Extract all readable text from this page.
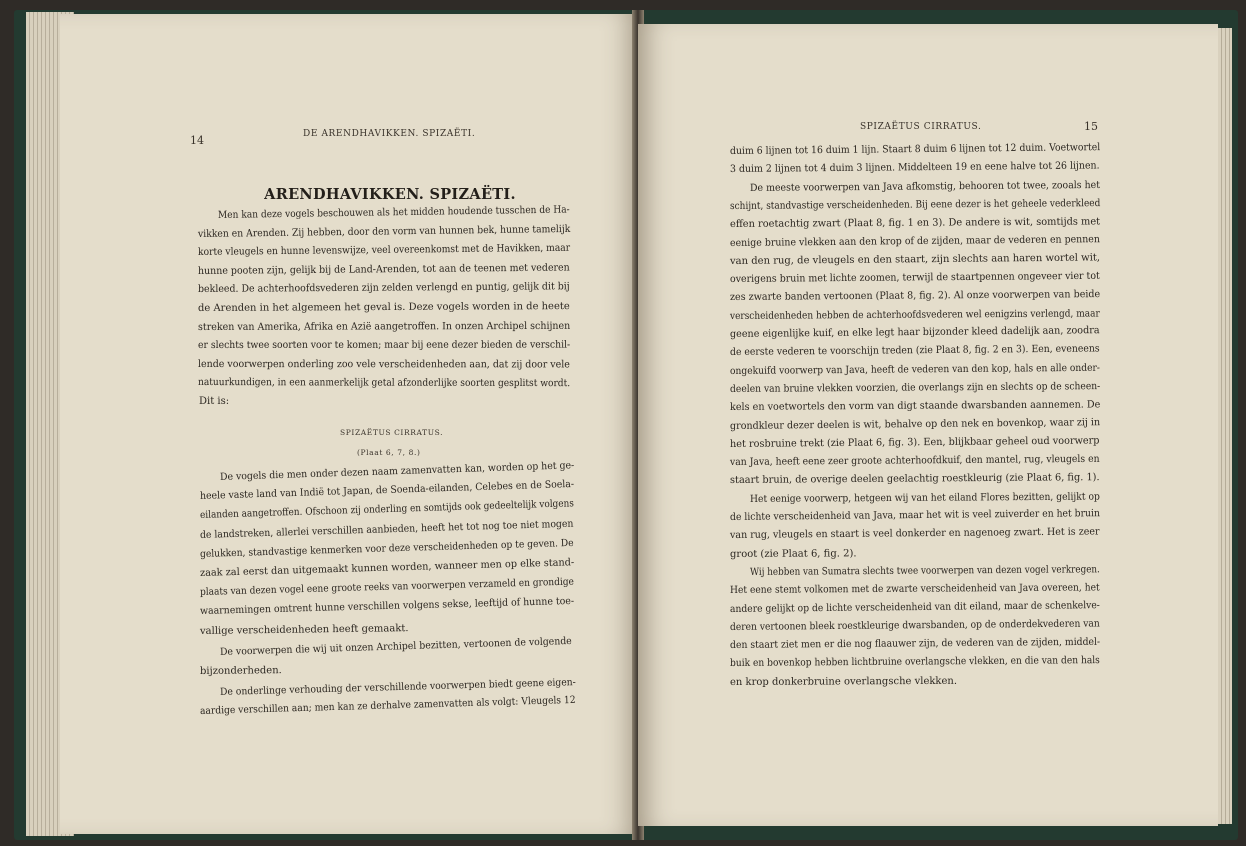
14	DE ARENDHAVIKKEN. SPIZAËTI.
ARENDHAVIKKEN. SPIZAËTI.
Men kan deze vogels beschouwen als het midden houdende tusschen de Ha-
vikken en Arenden. Zij hebben, door den vorm van hunnen bek, hunne tamelijk
korte vleugels en hunne levenswijze, veel overeenkomst met de Havikken, maar
hunne pooten zijn, gelijk bij de Land-Arenden, tot aan de teenen met vederen
bekleed. De achterhoofdsvederen zijn zelden verlengd en puntig, gelijk dit bij
de Arenden in het algemeen het geval is. Deze vogels worden in de heete
streken van Amerika, Afrika en Azië aangetroffen. In onzen Archipel schijnen
er slechts twee soorten voor te komen; maar bij eene dezer bieden de verschil-
lende voorwerpen onderling zoo vele verscheidenheden aan, dat zij door vele
natuurkundigen, in een aanmerkelijk getal afzonderlijke soorten gesplitst wordt.
Dit is:
SPIZAËTUS CIRRATUS.
(Plaat 6, 7, 8.)
De vogels die men onder dezen naam zamenvatten kan, worden op het ge-
heele vaste land van Indië tot Japan, de Soenda-eilanden, Celebes en de Soela-
eilanden aangetroffen. Ofschoon zij onderling en somtijds ook gedeeltelijk volgens
de landstreken, allerlei verschillen aanbieden, heeft het tot nog toe niet mogen
gelukken, standvastige kenmerken voor deze verscheidenheden op te geven. De
zaak zal eerst dan uitgemaakt kunnen worden, wanneer men op elke stand-
plaats van dezen vogel eene groote reeks van voorwerpen verzameld en grondige
waarnemingen omtrent hunne verschillen volgens sekse, leeftijd of hunne toe-
vallige verscheidenheden heeft gemaakt.
De voorwerpen die wij uit onzen Archipel bezitten, vertoonen de volgende
bijzonderheden.
De onderlinge verhouding der verschillende voorwerpen biedt geene eigen-
aardige verschillen aan; men kan ze derhalve zamenvatten als volgt: Vleugels 12
SPIZAËTUS CIRRATUS.	15
duim 6 lijnen tot 16 duim 1 lijn. Staart 8 duim 6 lijnen tot 12 duim. Voetwortel
3 duim 2 lijnen tot 4 duim 3 lijnen. Middelteen 19 en eene halve tot 26 lijnen.
De meeste voorwerpen van Java afkomstig, behooren tot twee, zooals het
schijnt, standvastige verscheidenheden. Bij eene dezer is het geheele vederkleed
effen roetachtig zwart (Plaat 8, fig. 1 en 3). De andere is wit, somtijds met
eenige bruine vlekken aan den krop of de zijden, maar de vederen en pennen
van den rug, de vleugels en den staart, zijn slechts aan haren wortel wit,
overigens bruin met lichte zoomen, terwijl de staartpennen ongeveer vier tot
zes zwarte banden vertoonen (Plaat 8, fig. 2). Al onze voorwerpen van beide
verscheidenheden hebben de achterhoofdsvederen wel eenigzins verlengd, maar
geene eigenlijke kuif, en elke legt haar bijzonder kleed dadelijk aan, zoodra
de eerste vederen te voorschijn treden (zie Plaat 8, fig. 2 en 3). Een, eveneens
ongekuifd voorwerp van Java, heeft de vederen van den kop, hals en alle onder-
deelen van bruine vlekken voorzien, die overlangs zijn en slechts op de scheen-
kels en voetwortels den vorm van digt staande dwarsbanden aannemen. De
grondkleur dezer deelen is wit, behalve op den nek en bovenkop, waar zij in
het rosbruine trekt (zie Plaat 6, fig. 3). Een, blijkbaar geheel oud voorwerp
van Java, heeft eene zeer groote achterhoofdkuif, den mantel, rug, vleugels en
staart bruin, de overige deelen geelachtig roestkleurig (zie Plaat 6, fig. 1).
Het eenige voorwerp, hetgeen wij van het eiland Flores bezitten, gelijkt op
de lichte verscheidenheid van Java, maar het wit is veel zuiverder en het bruin
van rug, vleugels en staart is veel donkerder en nagenoeg zwart. Het is zeer
groot (zie Plaat 6, fig. 2).
Wij hebben van Sumatra slechts twee voorwerpen van dezen vogel verkregen.
Het eene stemt volkomen met de zwarte verscheidenheid van Java overeen, het
andere gelijkt op de lichte verscheidenheid van dit eiland, maar de schenkelve-
deren vertoonen bleek roestkleurige dwarsbanden, op de onderdekvederen van
den staart ziet men er die nog flaauwer zijn, de vederen van de zijden, middel-
buik en bovenkop hebben lichtbruine overlangsche vlekken, en die van den hals
en krop donkerbruine overlangsche vlekken.
